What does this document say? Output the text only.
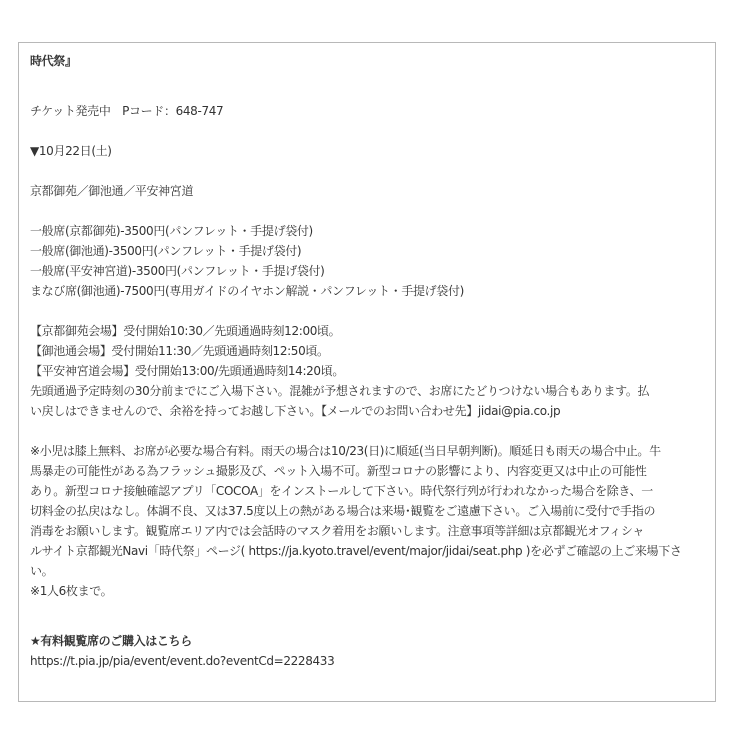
時代祭』
チケット発売中　Pコード：648-747
▼10月22日(土)
京都御苑／御池通／平安神宮道
一般席(京都御苑)-3500円(パンフレット・手提げ袋付)
一般席(御池通)-3500円(パンフレット・手提げ袋付)
一般席(平安神宮道)-3500円(パンフレット・手提げ袋付)
まなび席(御池通)-7500円(専用ガイドのイヤホン解説・パンフレット・手提げ袋付)
【京都御苑会場】受付開始10:30／先頭通過時刻12:00頃。
【御池通会場】受付開始11:30／先頭通過時刻12:50頃。
【平安神宮道会場】受付開始13:00/先頭通過時刻14:20頃。
先頭通過予定時刻の30分前までにご入場下さい。混雑が予想されますので、お席にたどりつけない場合もあります。払
い戻しはできませんので、余裕を持ってお越し下さい。【メールでのお問い合わせ先】jidai@pia.co.jp
※小児は膝上無料、お席が必要な場合有料。雨天の場合は10/23(日)に順延(当日早朝判断)。順延日も雨天の場合中止。牛
馬暴走の可能性がある為フラッシュ撮影及び、ペット入場不可。新型コロナの影響により、内容変更又は中止の可能性
あり。新型コロナ接触確認アプリ「COCOA」をインストールして下さい。時代祭行列が行われなかった場合を除き、一
切料金の払戻はなし。体調不良、又は37.5度以上の熱がある場合は来場･観覧をご遠慮下さい。ご入場前に受付で手指の
消毒をお願いします。観覧席エリア内では会話時のマスク着用をお願いします。注意事項等詳細は京都観光オフィシャ
ルサイト京都観光Navi「時代祭」ページ( https://ja.kyoto.travel/event/major/jidai/seat.php )を必ずご確認の上ご来場下さ
い。
※1人6枚まで。
★有料観覧席のご購入はこちら
https://t.pia.jp/pia/event/event.do?eventCd=2228433
